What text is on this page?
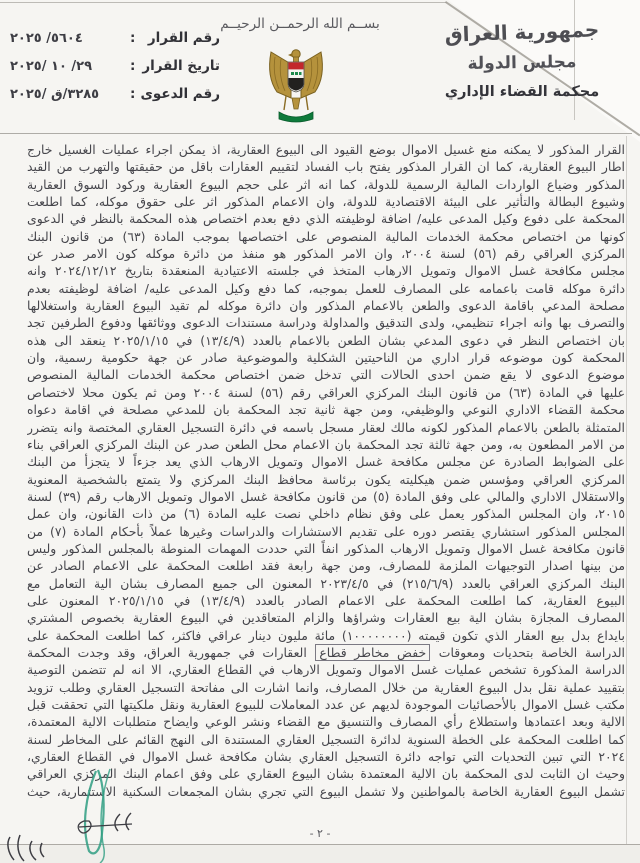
بســم الله الرحمــن الرحيــم	جمهورية العراق
مجلس الدولة
محكمة القضاء الإداري
٢٠٢٥ /٥٦٠٤	رقم القرار
:
٢٠٢٥/ ١٠ /٢٩	تاريخ القرار
:
٢٠٢٥/ ق/٣٢٨٥	رقم الدعوى
:
القرار المذكور لا يمكنه منع غسيل الاموال بوضع القيود الى البيوع العقارية، اذ يمكن اجراء عمليات الغسيل خارج
اطار البيوع العقارية، كما ان القرار المذكور يفتح باب الفساد لتقييم العقارات باقل من حقيقتها والتهرب من القيد
المذكور وضياع الواردات المالية الرسمية للدولة، كما انه اثر على حجم البيوع العقارية وركود السوق العقارية
وشيوع البطالة والتأثير على البيئة الاقتصادية للدولة، وان الاعمام المذكور اثر على حقوق موكله، كما اطلعت
المحكمة على دفوع وكيل المدعى عليه/ اضافة لوظيفته الذي دفع بعدم اختصاص هذه المحكمة بالنظر في الدعوى
كونها من اختصاص محكمة الخدمات المالية المنصوص على اختصاصها بموجب المادة (٦٣) من قانون البنك
المركزي العراقي رقم (٥٦) لسنة ٢٠٠٤، وان الامر المذكور هو منفذ من دائرة موكله كون الامر صدر عن
مجلس مكافحة غسل الاموال وتمويل الارهاب المتخذ في جلسته الاعتيادية المنعقدة بتاريخ ٢٠٢٤/١٢/١٢ وانه
دائرة موكله قامت باعمامه على المصارف للعمل بموجبه، كما دفع وكيل المدعى عليه/ اضافة لوظيفته بعدم
مصلحة المدعي باقامة الدعوى والطعن بالاعمام المذكور وان دائرة موكله لم تقيد البيوع العقارية واستغلالها
والتصرف بها وانه اجراء تنظيمي، ولدى التدقيق والمداولة ودراسة مستندات الدعوى ووثائقها ودفوع الطرفين تجد
بان اختصاص النظر في دعوى المدعي بشان الطعن بالاعمام بالعدد (١٣/٤/٩) في ٢٠٢٥/١/١٥ ينعقد الى هذه
المحكمة كون موضوعه قرار اداري من الناحيتين الشكلية والموضوعية صادر عن جهة حكومية رسمية، وان
موضوع الدعوى لا يقع ضمن احدى الحالات التي تدخل ضمن اختصاص محكمة الخدمات المالية المنصوص
عليها في المادة (٦٣) من قانون البنك المركزي العراقي رقم (٥٦) لسنة ٢٠٠٤ ومن ثم يكون محلا لاختصاص
محكمة القضاء الاداري النوعي والوظيفي، ومن جهة ثانية تجد المحكمة بان للمدعي مصلحة في اقامة دعواه
المتمثلة بالطعن بالاعمام المذكور لكونه مالك لعقار مسجل باسمه في دائرة التسجيل العقاري المختصة وانه يتضرر
من الامر المطعون به، ومن جهة ثالثة تجد المحكمة بان الاعمام محل الطعن صدر عن البنك المركزي العراقي بناء
على الضوابط الصادرة عن مجلس مكافحة غسل الاموال وتمويل الارهاب الذي يعد جزءاً لا يتجزأ من البنك
المركزي العراقي ومؤسس ضمن هيكليته يكون برئاسة محافظ البنك المركزي ولا يتمتع بالشخصية المعنوية
والاستقلال الاداري والمالي على وفق المادة (٥) من قانون مكافحة غسل الاموال وتمويل الارهاب رقم (٣٩) لسنة
٢٠١٥، وان المجلس المذكور يعمل على وفق نظام داخلي نصت عليه المادة (٦) من ذات القانون، وان عمل
المجلس المذكور استشاري يقتصر دوره على تقديم الاستشارات والدراسات وغيرها عملاً بأحكام المادة (٧) من
قانون مكافحة غسل الاموال وتمويل الارهاب المذكور انفاً التي حددت المهمات المنوطة بالمجلس المذكور وليس
من بينها اصدار التوجيهات الملزمة للمصارف، ومن جهة رابعة فقد اطلعت المحكمة على الاعمام الصادر عن
البنك المركزي العراقي بالعدد (٢١٥/٦/٩) في ٢٠٢٣/٤/٥ المعنون الى جميع المصارف بشان الية التعامل مع
البيوع العقارية، كما اطلعت المحكمة على الاعمام الصادر بالعدد (١٣/٤/٩) في ٢٠٢٥/١/١٥ المعنون على
المصارف المجازة بشان الية بيع العقارات وشراؤها والزام المتعاقدين في البيوع العقارية بخصوص المشتري
بايداع بدل بيع العقار الذي تكون قيمته (١٠٠٠٠٠٠٠٠) مائة مليون دينار عراقي فاكثر، كما اطلعت المحكمة على
الدراسة الخاصة بتحديات ومعوقات خفض مخاطر قطاع العقارات في جمهورية العراق، وقد وجدت المحكمة
الدراسة المذكورة تشخص عمليات غسل الاموال وتمويل الارهاب في القطاع العقاري، الا انه لم تتضمن التوصية
بتقييد عملية نقل بدل البيوع العقارية من خلال المصارف، وانما اشارت الى مفاتحة التسجيل العقاري وطلب تزويد
مكتب غسل الاموال بالأحصائيات الموجودة لديهم عن عدد المعاملات للبيوع العقارية ونقل ملكيتها التي تحققت قبل
الالية وبعد اعتمادها واستطلاع رأي المصارف والتنسيق مع القضاء ونشر الوعي وايضاح متطلبات الالية المعتمدة،
كما اطلعت المحكمة على الخطة السنوية لدائرة التسجيل العقاري المستندة الى النهج القائم على المخاطر لسنة
٢٠٢٤ التي تبين التحديات التي تواجه دائرة التسجيل العقاري بشان مكافحة غسل الاموال في القطاع العقاري،
وحيث ان الثابت لدى المحكمة بان الالية المعتمدة بشان البيوع العقاري على وفق اعمام البنك المركزي العراقي
تشمل البيوع العقارية الخاصة بالمواطنين ولا تشمل البيوع التي تجري بشان المجمعات السكنية الاستثمارية، حيث
- ٢ -
